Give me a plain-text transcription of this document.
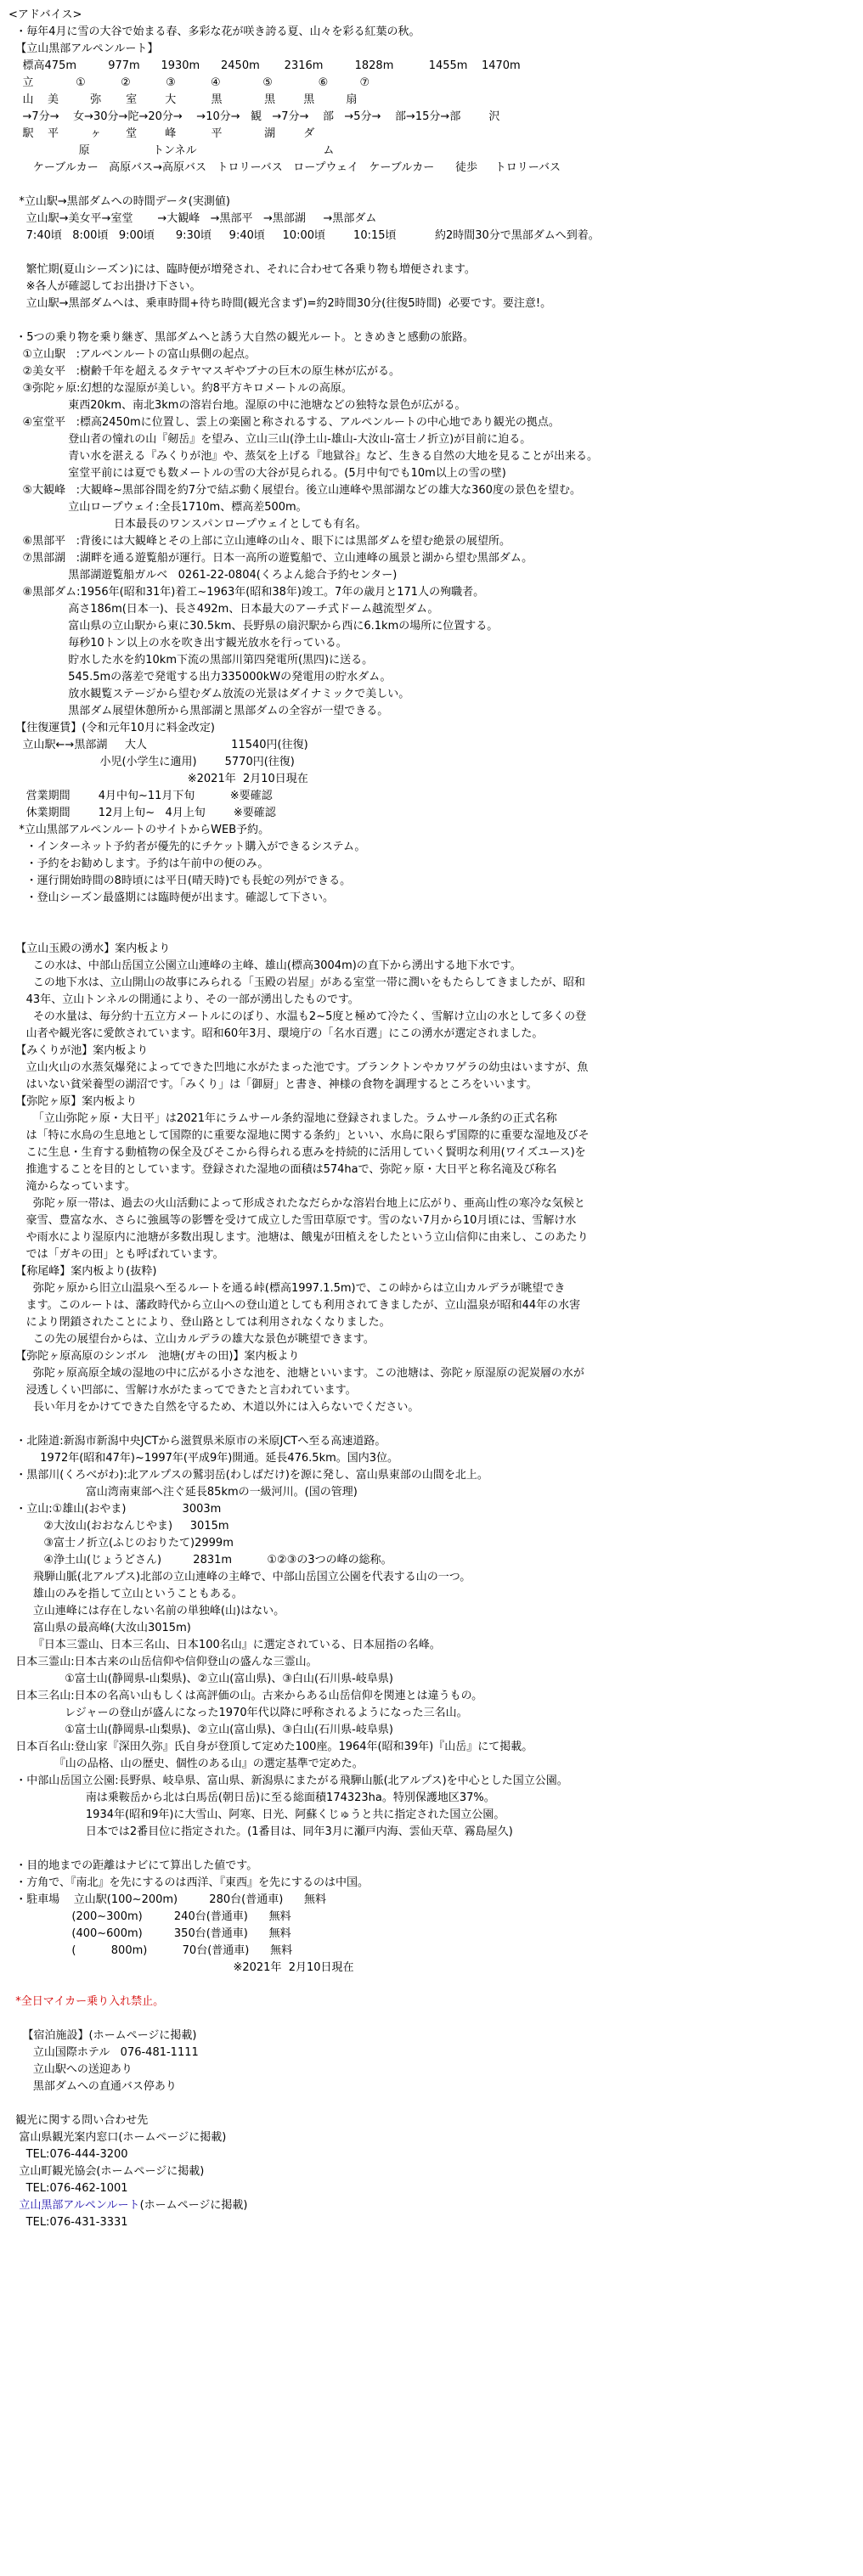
<アドバイス>
・毎年4月に雪の大谷で始まる春、多彩な花が咲き誇る夏、山々を彩る紅葉の秋。
【立山黒部アルペンルート】
標高475m         977m      1930m      2450m       2316m         1828m          1455m    1470m
立            ①          ②          ③          ④            ⑤             ⑥         ⑦
山    美         弥       室        大          黒            黒        黒         扇
→7分→    女→30分→陀→20分→    →10分→   観   →7分→    部   →5分→    部→15分→部        沢
駅    平         ヶ       堂        峰          平            湖        ダ
原                  トンネル                                    ム
ケーブルカー   高原バス→高原バス   トロリーバス   ロープウェイ   ケーブルカー      徒歩     トロリーバス
*立山駅→黒部ダムへの時間データ(実測値)
立山駅→美女平→室堂       →大観峰   →黒部平   →黒部湖     →黒部ダム
7:40頃   8:00頃   9:00頃      9:30頃     9:40頃     10:00頃        10:15頃           約2時間30分で黒部ダムへ到着。
繁忙期(夏山シーズン)には、臨時便が増発され、それに合わせて各乗り物も増便されます。
※各人が確認してお出掛け下さい。
立山駅→黒部ダムへは、乗車時間+待ち時間(観光含まず)=約2時間30分(往復5時間)  必要です。要注意!。
・5つの乗り物を乗り継ぎ、黒部ダムへと誘う大自然の観光ルート。ときめきと感動の旅路。
①立山駅   :アルペンルートの富山県側の起点。
②美女平   :樹齢千年を超えるタテヤマスギやブナの巨木の原生林が広がる。
③弥陀ヶ原:幻想的な湿原が美しい。約8平方キロメートルの高原。
東西20km、南北3kmの溶岩台地。湿原の中に池塘などの独特な景色が広がる。
④室堂平   :標高2450mに位置し、雲上の楽園と称されるする、アルペンルートの中心地であり観光の拠点。
登山者の憧れの山『剱岳』を望み、立山三山(浄土山-雄山-大汝山-富士ノ折立)が目前に迫る。
青い水を湛える『みくりが池』や、蒸気を上げる『地獄谷』など、生きる自然の大地を見ることが出来る。
室堂平前には夏でも数メートルの雪の大谷が見られる。(5月中旬でも10m以上の雪の壁)
⑤大観峰   :大観峰~黒部谷間を約7分で結ぶ動く展望台。後立山連峰や黒部湖などの雄大な360度の景色を望む。
立山ロープウェイ:全長1710m、標高差500m。
日本最長のワンスパンロープウェイとしても有名。
⑥黒部平   :背後には大観峰とその上部に立山連峰の山々、眼下には黒部ダムを望む絶景の展望所。
⑦黒部湖   :湖畔を通る遊覧船が運行。日本一高所の遊覧船で、立山連峰の風景と湖から望む黒部ダム。
黒部湖遊覧船ガルベ   0261-22-0804(くろよん総合予約センター)
⑧黒部ダム:1956年(昭和31年)着工~1963年(昭和38年)竣工。7年の歳月と171人の殉職者。
高さ186m(日本一)、長さ492m、日本最大のアーチ式ドーム越流型ダム。
富山県の立山駅から東に30.5km、長野県の扇沢駅から西に6.1kmの場所に位置する。
毎秒10トン以上の水を吹き出す観光放水を行っている。
貯水した水を約10km下流の黒部川第四発電所(黒四)に送る。
545.5mの落差で発電する出力335000kWの発電用の貯水ダム。
放水観覧ステージから望むダム放流の光景はダイナミックで美しい。
黒部ダム展望休憩所から黒部湖と黒部ダムの全容が一望できる。
【往復運賃】(令和元年10月に料金改定)
立山駅←→黒部湖     大人                        11540円(往復)
小児(小学生に適用)        5770円(往復)
※2021年  2月10日現在
営業期間        4月中旬~11月下旬          ※要確認
休業期間        12月上旬~   4月上旬        ※要確認
*立山黒部アルペンルートのサイトからWEB予約。
・インターネット予約者が優先的にチケット購入ができるシステム。
・予約をお勧めします。予約は午前中の便のみ。
・運行開始時間の8時頃には平日(晴天時)でも長蛇の列ができる。
・登山シーズン最盛期には臨時便が出ます。確認して下さい。
【立山玉殿の湧水】案内板より
この水は、中部山岳国立公園立山連峰の主峰、雄山(標高3004m)の直下から湧出する地下水です。
この地下水は、立山開山の故事にみられる「玉殿の岩屋」がある室堂一帯に潤いをもたらしてきましたが、昭和
43年、立山トンネルの開通により、その一部が湧出したものです。
その水量は、毎分約十五立方メートルにのぼり、水温も2~5度と極めて冷たく、雪解け立山の水として多くの登
山者や観光客に愛飲されています。昭和60年3月、環境庁の「名水百選」にこの湧水が選定されました。
【みくりが池】案内板より
立山火山の水蒸気爆発によってできた凹地に水がたまった池です。ブランクトンやカワゲラの幼虫はいますが、魚
はいない貧栄養型の湖沼です。「みくり」は「御厨」と書き、神様の食物を調理するところをいいます。
【弥陀ヶ原】案内板より
「立山弥陀ヶ原・大日平」は2021年にラムサール条約湿地に登録されました。ラムサール条約の正式名称
は「特に水鳥の生息地として国際的に重要な湿地に関する条約」といい、水鳥に限らず国際的に重要な湿地及びそ
こに生息・生育する動植物の保全及びそこから得られる恵みを持続的に活用していく賢明な利用(ワイズユース)を
推進することを目的としています。登録された湿地の面積は574haで、弥陀ヶ原・大日平と称名滝及び称名
滝からなっています。
弥陀ヶ原一帯は、過去の火山活動によって形成されたなだらかな溶岩台地上に広がり、亜高山性の寒冷な気候と
豪雪、豊富な水、さらに強風等の影響を受けて成立した雪田草原です。雪のない7月から10月頃には、雪解け水
や雨水により湿原内に池塘が多数出現します。池塘は、餓鬼が田植えをしたという立山信仰に由来し、このあたり
では「ガキの田」とも呼ばれています。
【称尾峰】案内板より(抜粋)
弥陀ヶ原から旧立山温泉へ至るルートを通る峠(標高1997.1.5m)で、この峠からは立山カルデラが眺望でき
ます。このルートは、藩政時代から立山への登山道としても利用されてきましたが、立山温泉が昭和44年の水害
により閉鎖されたことにより、登山路としては利用されなくなりました。
この先の展望台からは、立山カルデラの雄大な景色が眺望できます。
【弥陀ヶ原高原のシンボル   池塘(ガキの田)】案内板より
弥陀ヶ原高原全域の湿地の中に広がる小さな池を、池塘といいます。この池塘は、弥陀ヶ原湿原の泥炭層の水が
浸透しくい凹部に、雪解け水がたまってできたと言われています。
長い年月をかけてできた自然を守るため、木道以外には入らないでください。
・北陸道:新潟市新潟中央JCTから滋賀県米原市の米原JCTへ至る高速道路。
1972年(昭和47年)~1997年(平成9年)開通。延長476.5km。国内3位。
・黒部川(くろべがわ):北アルプスの鷲羽岳(わしばだけ)を源に発し、富山県東部の山間を北上。
富山湾南東部へ注ぐ延長85kmの一級河川。(国の管理)
・立山:①雄山(おやま)                3003m
②大汝山(おおなんじやま)     3015m
③富士ノ折立(ふじのおりたて)2999m
④浄土山(じょうどさん)         2831m          ①②③の3つの峰の総称。
飛騨山脈(北アルプス)北部の立山連峰の主峰で、中部山岳国立公園を代表する山の一つ。
雄山のみを指して立山ということもある。
立山連峰には存在しない名前の単独峰(山)はない。
富山県の最高峰(大汝山3015m)
『日本三霊山、日本三名山、日本100名山』に選定されている、日本屈指の名峰。
日本三霊山:日本古来の山岳信仰や信仰登山の盛んな三霊山。
①富士山(静岡県-山梨県)、②立山(富山県)、③白山(石川県-岐阜県)
日本三名山:日本の名高い山もしくは高評価の山。古来からある山岳信仰を関連とは違うもの。
レジャーの登山が盛んになった1970年代以降に呼称されるようになった三名山。
①富士山(静岡県-山梨県)、②立山(富山県)、③白山(石川県-岐阜県)
日本百名山:登山家『深田久弥』氏自身が登頂して定めた100座。1964年(昭和39年)『山岳』にて掲載。
『山の品格、山の歴史、個性のある山』の選定基準で定めた。
・中部山岳国立公園:長野県、岐阜県、富山県、新潟県にまたがる飛騨山脈(北アルプス)を中心とした国立公園。
南は乗鞍岳から北は白馬岳(朝日岳)に至る総面積174323ha。特別保護地区37%。
1934年(昭和9年)に大雪山、阿寒、日光、阿蘇くじゅうと共に指定された国立公園。
日本では2番目位に指定された。(1番目は、同年3月に瀬戸内海、雲仙天草、霧島屋久)
・目的地までの距離はナビにて算出した値です。
・方角で、『南北』を先にするのは西洋、『東西』を先にするのは中国。
・駐車場    立山駅(100~200m)         280台(普通車)      無料
(200~300m)         240台(普通車)      無料
(400~600m)         350台(普通車)      無料
(          800m)          70台(普通車)      無料
※2021年  2月10日現在
*全日マイカー乗り入れ禁止。
【宿泊施設】(ホームページに掲載)
立山国際ホテル   076-481-1111
立山駅への送迎あり
黒部ダムへの直通バス停あり
観光に関する問い合わせ先
富山県観光案内窓口(ホームページに掲載)
TEL:076-444-3200
立山町観光協会(ホームページに掲載)
TEL:076-462-1001
立山黒部アルペンルート(ホームページに掲載)
TEL:076-431-3331
